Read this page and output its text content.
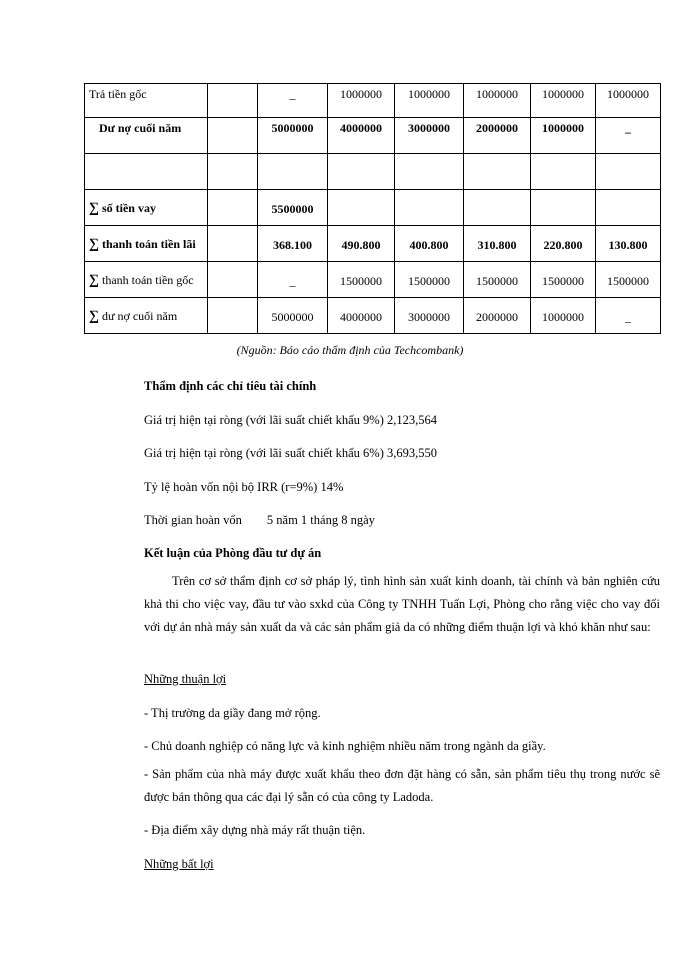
Trả tiền gốc		_	1000000	1000000	1000000	1000000	1000000
Dư nợ cuối năm		5000000	4000000	3000000	2000000	1000000	_

∑ số tiền vay		5500000					
∑ thanh toán tiền lãi		368.100	490.800	400.800	310.800	220.800	130.800
∑ thanh toán tiền gốc		_	1500000	1500000	1500000	1500000	1500000
∑ dư nợ cuối năm		5000000	4000000	3000000	2000000	1000000	_
(Nguồn: Báo cáo thẩm định của Techcombank)

Thẩm định các chỉ tiêu tài chính

Giá trị hiện tại ròng (với lãi suất chiết khấu 9%) 2,123,564

Giá trị hiện tại ròng (với lãi suất chiết khấu 6%) 3,693,550

Tỷ lệ hoàn vốn nội bộ IRR (r=9%) 14%

Thời gian hoàn vốn        5 năm 1 tháng 8 ngày

Kết luận của Phòng đầu tư dự án

Trên cơ sở thẩm định cơ sở pháp lý, tình hình sản xuất kinh doanh, tài chính và bản nghiên cứu khả thi cho việc vay, đầu tư vào sxkd của Công ty TNHH Tuấn Lợi, Phòng cho rằng việc cho vay đối với dự án nhà máy sản xuất da và các sản phẩm giả da có những điểm thuận lợi và khó khăn như sau:

Những thuận lợi

- Thị trường da giầy đang mở rộng.

- Chủ doanh nghiệp có năng lực và kinh nghiệm nhiều năm trong ngành da giầy.

- Sản phẩm của nhà máy được xuất khẩu theo đơn đặt hàng có sẵn, sản phẩm tiêu thụ trong nước sẽ được bán thông qua các đại lý sẵn có của công ty Ladoda.

- Địa điểm xây dựng nhà máy rất thuận tiện.

Những bất lợi
